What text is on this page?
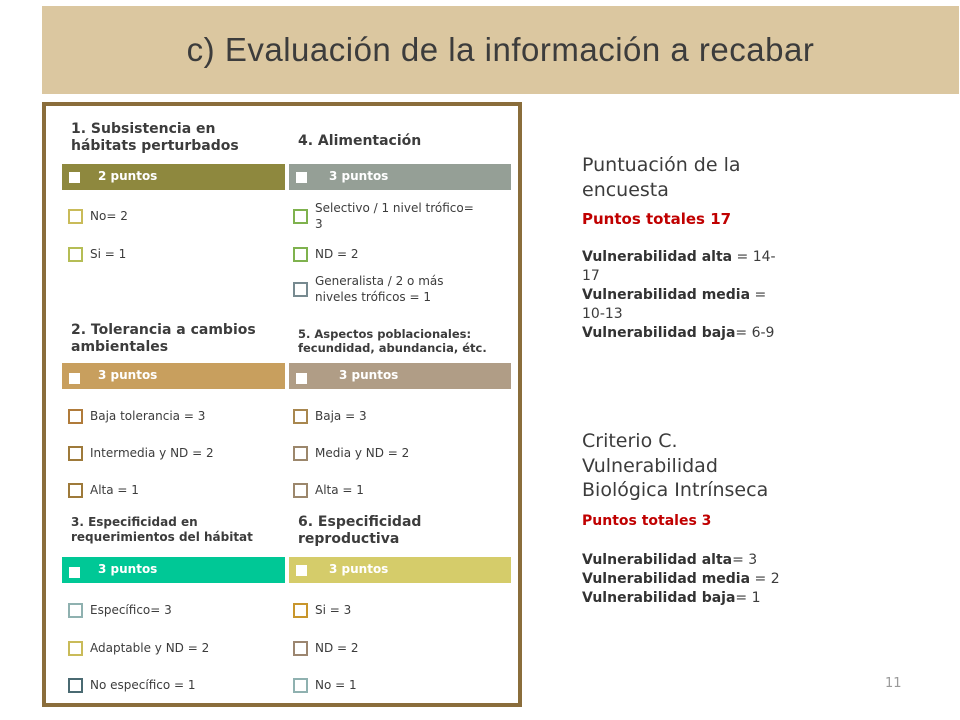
c) Evaluación de la información a recabar
1. Subsistencia en hábitats perturbados
2 puntos
No= 2
Si = 1
4. Alimentación
3 puntos
Selectivo / 1 nivel trófico= 3
ND = 2
Generalista / 2 o más niveles tróficos = 1
2. Tolerancia a cambios ambientales
3 puntos
Baja tolerancia = 3
Intermedia y ND = 2
Alta = 1
5. Aspectos poblacionales: fecundidad, abundancia, étc.
3 puntos
Baja = 3
Media y ND = 2
Alta = 1
3. Especificidad en requerimientos del hábitat
3 puntos
Específico= 3
Adaptable y ND = 2
No específico = 1
6. Especificidad reproductiva
3 puntos
Si = 3
ND = 2
No = 1
Puntuación de la encuesta
Puntos totales 17
Vulnerabilidad alta = 14-17
Vulnerabilidad media = 10-13
Vulnerabilidad baja= 6-9
Criterio C. Vulnerabilidad Biológica Intrínseca
Puntos totales 3
Vulnerabilidad alta= 3
Vulnerabilidad media = 2
Vulnerabilidad baja= 1
11
